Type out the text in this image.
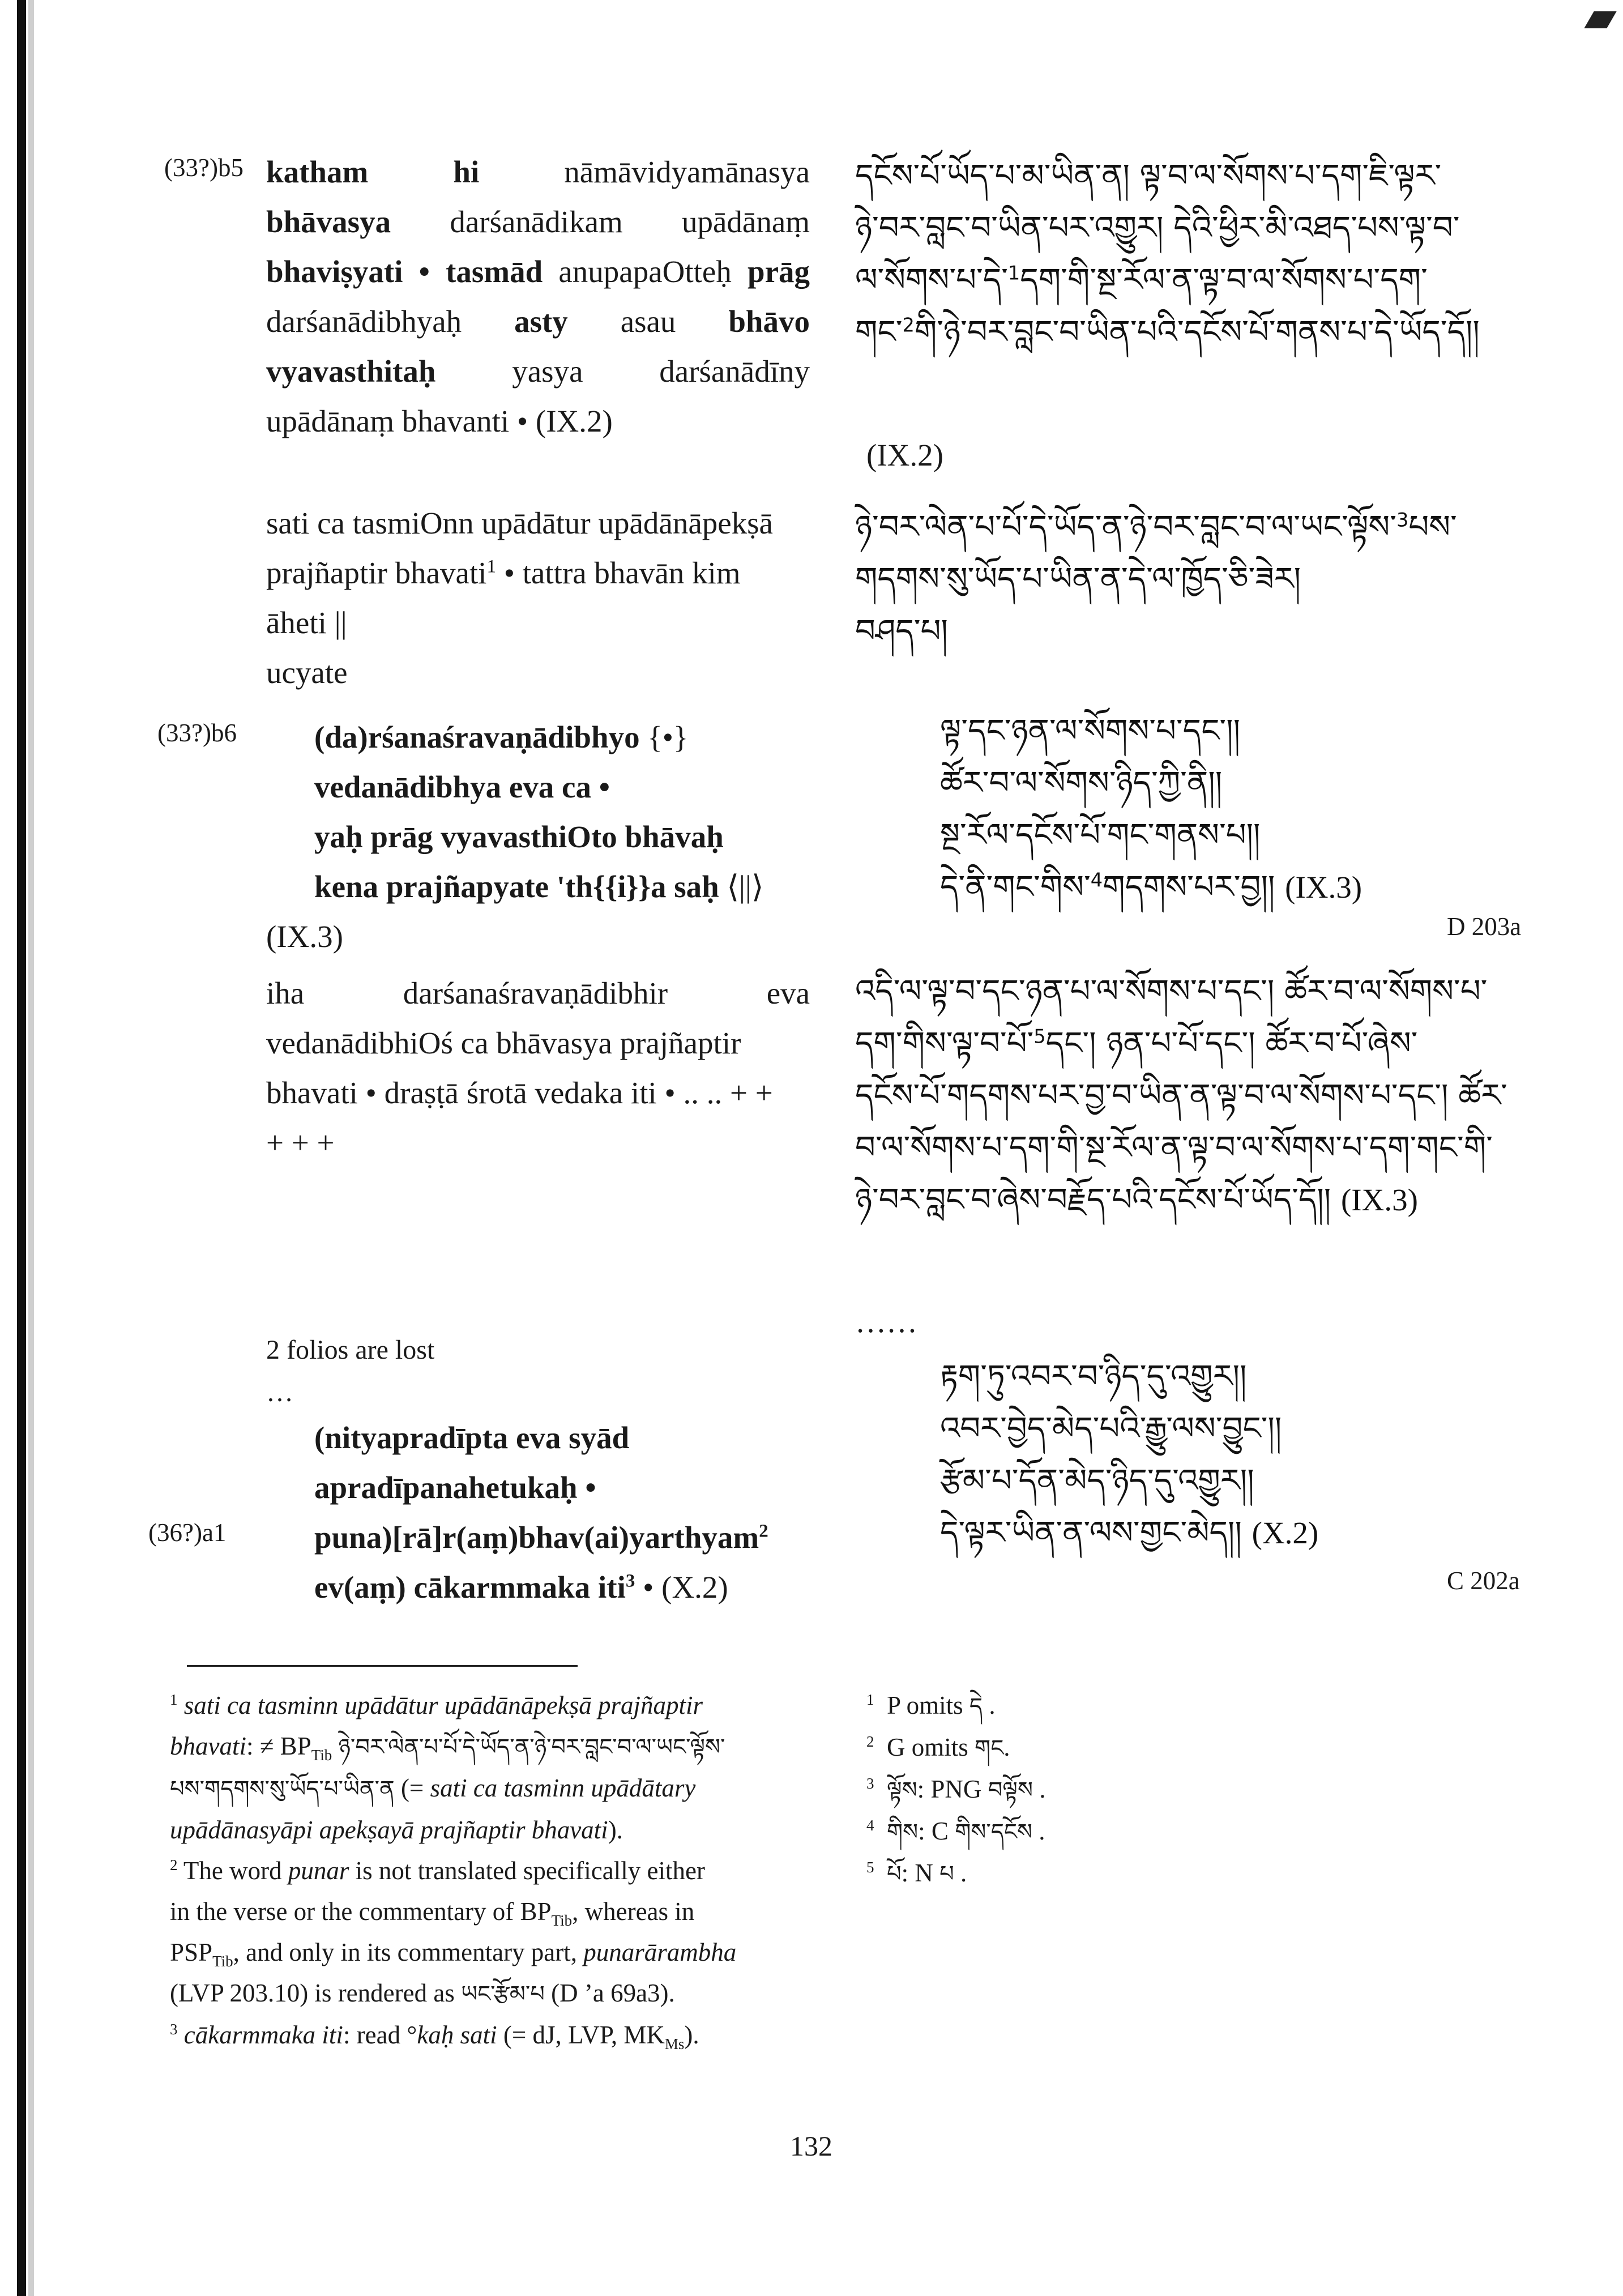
(33?)b5 katham	hi	nāmāvidyamānasya
bhāvasya darśanādikam upādānaṃ
bhaviṣyati • tasmād anupapaOtteḥ prāg
darśanādibhyaḥ asty asau bhāvo
vyavasthitaḥ yasya darśanādīny
upādānaṃ bhavanti • (IX.2)
sati ca tasmiOnn upādātur upādānāpekṣā
prajñaptir bhavati$^1$ • tattra bhavān kim
āheti ||
ucyate
(33?)b6	(da)rśanaśravaṇādibhyo {•}
vedanādibhya eva ca •
yaḥ prāg vyavasthiOto bhāvaḥ
kena prajñapyate 'th{{i}}a saḥ ⟨||⟩
(IX.3)
iha	darśanaśravaṇādibhir	eva
vedanādibhiOś ca bhāvasya prajñaptir
bhavati • draṣṭā śrotā vedaka iti • .. .. + +
+ + +
2 folios are lost
…
(36?)a1
(nityapradīpta eva syād
apradīpanahetukaḥ •
puna)[rā]r(aṃ)bhav(ai)yarthyam$^2$
ev(aṃ) cākarmmaka iti$^3$ • (X.2)
དངོས་པོ་ཡོད་པ་མ་ཡིན་ན། ལྟ་བ་ལ་སོགས་པ་དག་ཇི་ལྟར་
ཉེ་བར་བླང་བ་ཡིན་པར་འགྱུར། དེའི་ཕྱིར་མི་འཐད་པས་ལྟ་བ་
ལ་སོགས་པ་དེ་$^1$དག་གི་སྔ་རོལ་ན་ལྟ་བ་ལ་སོགས་པ་དག་
གང་$^2$གི་ཉེ་བར་བླང་བ་ཡིན་པའི་དངོས་པོ་གནས་པ་དེ་ཡོད་དོ།།
(IX.2)
ཉེ་བར་ལེན་པ་པོ་དེ་ཡོད་ན་ཉེ་བར་བླང་བ་ལ་ཡང་ལྟོས་$^3$པས་
གདགས་སུ་ཡོད་པ་ཡིན་ན་དེ་ལ་ཁྱོད་ཅི་ཟེར།
བཤད་པ།
ལྟ་དང་ཉན་ལ་སོགས་པ་དང་།།
ཚོར་བ་ལ་སོགས་ཉིད་ཀྱི་ནི།།
སྔ་རོལ་དངོས་པོ་གང་གནས་པ།།
དེ་ནི་གང་གིས་$^4$གདགས་པར་བྱ།། (IX.3)
D 203a
འདི་ལ་ལྟ་བ་དང་ཉན་པ་ལ་སོགས་པ་དང་། ཚོར་བ་ལ་སོགས་པ་
དག་གིས་ལྟ་བ་པོ་$^5$དང་། ཉན་པ་པོ་དང་། ཚོར་བ་པོ་ཞེས་
དངོས་པོ་གདགས་པར་བྱ་བ་ཡིན་ན་ལྟ་བ་ལ་སོགས་པ་དང་། ཚོར་
བ་ལ་སོགས་པ་དག་གི་སྔ་རོལ་ན་ལྟ་བ་ལ་སོགས་པ་དག་གང་གི་
ཉེ་བར་བླང་བ་ཞེས་བརྗོད་པའི་དངོས་པོ་ཡོད་དོ།། (IX.3)
……
རྟག་ཏུ་འབར་བ་ཉིད་དུ་འགྱུར།།
འབར་བྱེད་མེད་པའི་རྒྱུ་ལས་བྱུང་།།
རྩོམ་པ་དོན་མེད་ཉིད་དུ་འགྱུར།།
དེ་ལྟར་ཡིན་ན་ལས་གྱང་མེད།། (X.2)
C 202a
$^1$ sati ca tasminn upādātur upādānāpekṣā prajñaptir
bhavati: ≠ $BP_{Tib}$ ཉེ་བར་ལེན་པ་པོ་དེ་ཡོད་ན་ཉེ་བར་བླང་བ་ལ་ཡང་ལྟོས་
པས་གདགས་སུ་ཡོད་པ་ཡིན་ན (= sati ca tasminn upādātary
upādānasyāpi apekṣayā prajñaptir bhavati).
$^2$ The word punar is not translated specifically either
in the verse or the commentary of $BP_{Tib}$, whereas in
$PSP_{Tib}$, and only in its commentary part, punarārambha
(LVP 203.10) is rendered as ཡང་རྩོམ་པ (D ’a 69a3).
$^3$ cākarmmaka iti: read °kaḥ sati (= dJ, LVP, $MK_{Ms}$).
$^1$ P omits དེ .
$^2$ G omits གང.
$^3$ ལྟོས: PNG བལྟོས .
$^4$ གིས: C གིས་དངོས .
$^5$ པོ: N པ .
132
